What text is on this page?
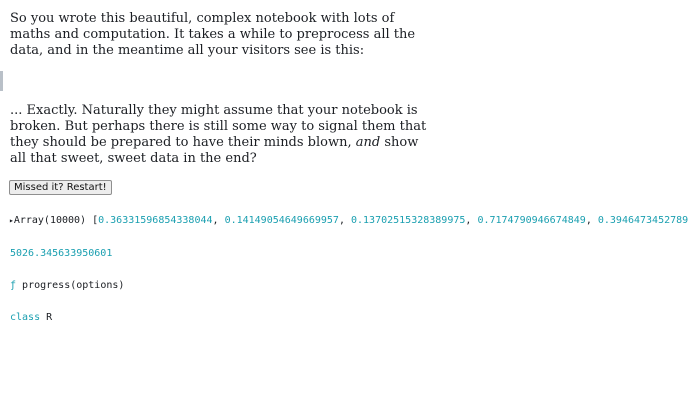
So you wrote this beautiful, complex notebook with lots of maths and computation. It takes a while to preprocess all the data, and in the meantime all your visitors see is this:

... Exactly. Naturally they might assume that your notebook is broken. But perhaps there is still some way to signal them that they should be prepared to have their minds blown, and show all that sweet, sweet data in the end?

Missed it? Restart!
▸Array(10000) [0.36331596854338044, 0.14149054649669957, 0.13702515328389975, 0.7174790946674849, 0.3946473452789
5026.345633950601
ƒ progress(options)
class R
